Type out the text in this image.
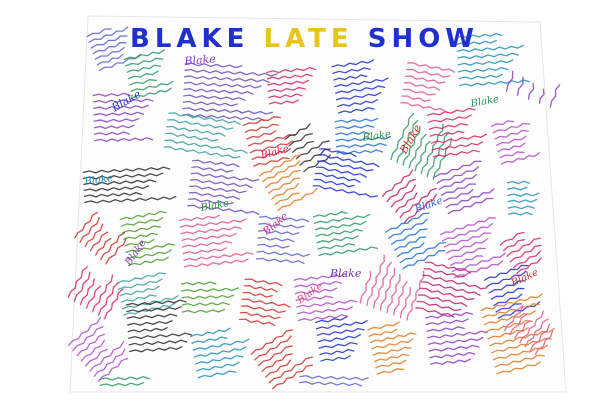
BLAKE LATE SHOW
Blake
Blake
Blake
Blake
Blake
Blake
Blake
Blake
Blake
Blake
Blake
Blake
Blake
Blake
